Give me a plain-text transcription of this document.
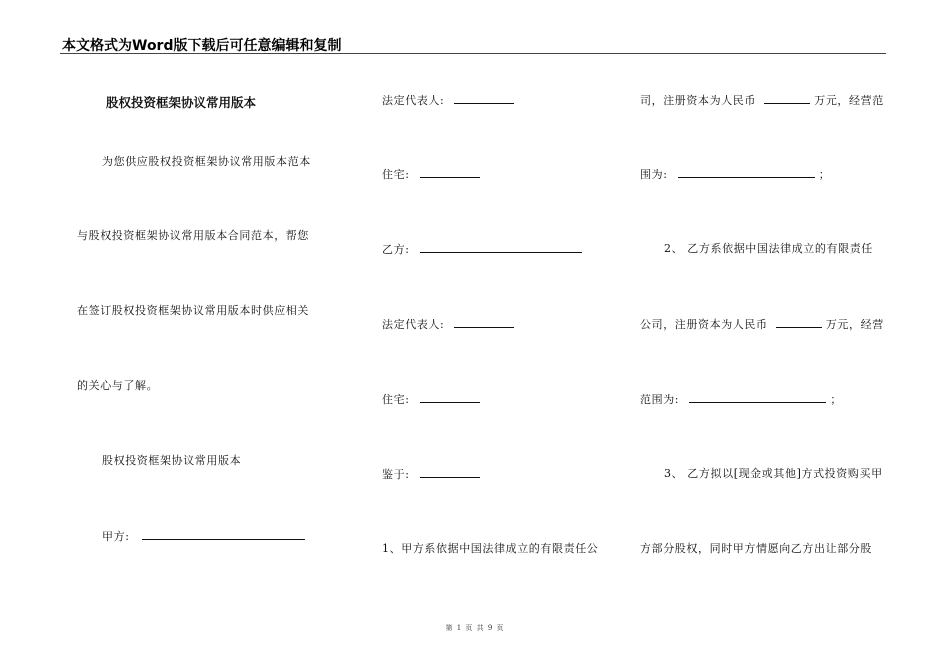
本文格式为Word版下载后可任意编辑和复制
股权投资框架协议常用版本
为您供应股权投资框架协议常用版本范本
与股权投资框架协议常用版本合同范本，帮您
在签订股权投资框架协议常用版本时供应相关
的关心与了解。
股权投资框架协议常用版本
甲方:
法定代表人:
住宅:
乙方:
法定代表人:
住宅:
鉴于:
1、甲方系依据中国法律成立的有限责任公
司，注册资本为人民币	万元，经营范
围为:	；
2、 乙方系依据中国法律成立的有限责任
公司，注册资本为人民币	万元，经营
范围为:	；
3、 乙方拟以[现金或其他]方式投资购买甲
方部分股权，同时甲方情愿向乙方出让部分股
第 1 页 共 9 页
